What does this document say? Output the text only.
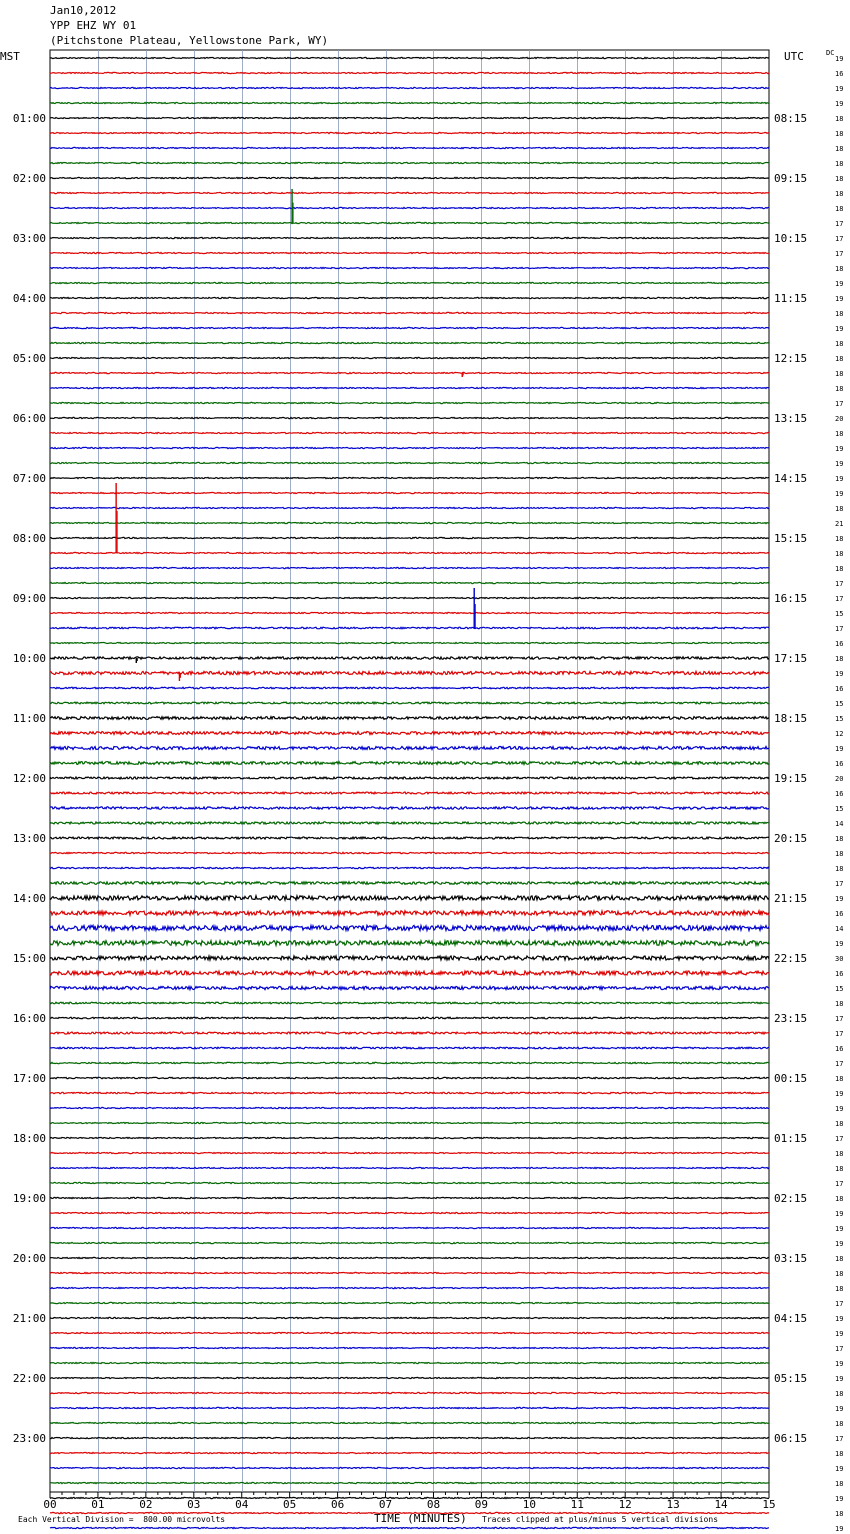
Jan10,2012
YPP EHZ WY 01
(Pitchstone Plateau, Yellowstone Park, WY)
MST	UTC	DC
19
16
19
19
18
18
18
18
18
18
18
17
17
17
18
19
19
18
19
18
18
18
18
17
20
18
19
19
19
19
18
21
18
18
18
17
17
15
17
16
18
19
16
15
15
12
19
16
20
16
15
14
18
18
18
17
19
16
14
19
30
16
15
18
17
17
16
17
18
19
19
18
17
18
18
17
18
19
19
19
18
18
18
17
19
19
17
19
19
18
19
18
17
18
19
18
19
18
19
01:00	08:15
02:00	09:15
03:00	10:15
04:00	11:15
05:00	12:15
06:00	13:15
07:00	14:15
08:00	15:15
09:00	16:15
10:00	17:15
11:00	18:15
12:00	19:15
13:00	20:15
14:00	21:15
15:00	22:15
16:00	23:15
17:00	00:15
18:00	01:15
19:00	02:15
20:00	03:15
21:00	04:15
22:00	05:15
23:00	06:15
00	01	02	03	04	05	06	07	08	09	10	11	12	13	14	15
TIME (MINUTES)
Each Vertical Division =  800.00 microvolts	Traces clipped at plus/minus 5 vertical divisions
